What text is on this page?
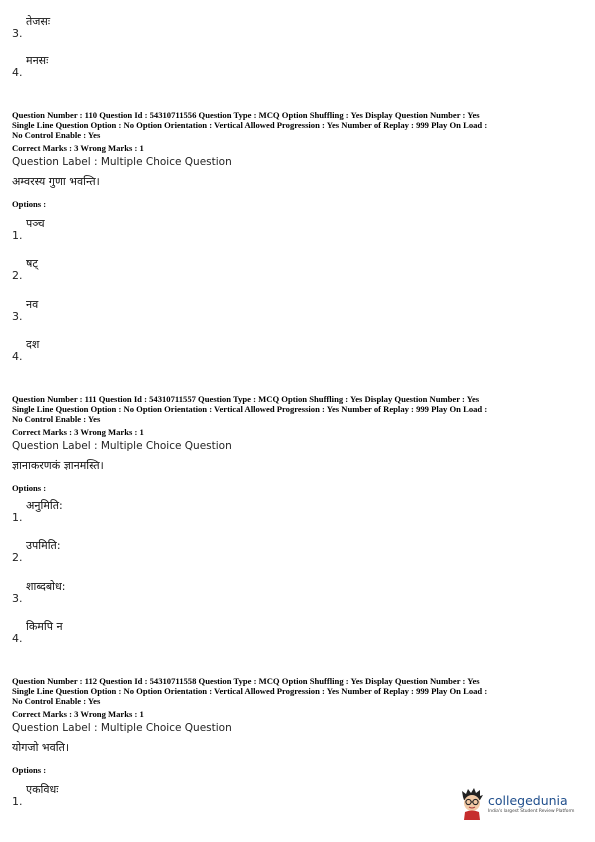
3.
तेजसः
4.
मनसः

Question Number : 110 Question Id : 54310711556 Question Type : MCQ Option Shuffling : Yes Display Question Number : Yes
Single Line Question Option : No Option Orientation : Vertical Allowed Progression : Yes Number of Replay : 999 Play On Load :
No Control Enable : Yes

Correct Marks : 3 Wrong Marks : 1

Question Label : Multiple Choice Question

अम्वरस्य गुणा भवन्ति।

Options :

1.
पञ्च
2.
षट्
3.
नव
4.
दश

Question Number : 111 Question Id : 54310711557 Question Type : MCQ Option Shuffling : Yes Display Question Number : Yes
Single Line Question Option : No Option Orientation : Vertical Allowed Progression : Yes Number of Replay : 999 Play On Load :
No Control Enable : Yes

Correct Marks : 3 Wrong Marks : 1

Question Label : Multiple Choice Question

ज्ञानाकरणकं ज्ञानमस्ति।

Options :

1.
अनुमिति:
2.
उपमिति:
3.
शाब्दबोध:
4.
किमपि न

Question Number : 112 Question Id : 54310711558 Question Type : MCQ Option Shuffling : Yes Display Question Number : Yes
Single Line Question Option : No Option Orientation : Vertical Allowed Progression : Yes Number of Replay : 999 Play On Load :
No Control Enable : Yes

Correct Marks : 3 Wrong Marks : 1

Question Label : Multiple Choice Question

योगजो भवति।

Options :

1.
एकविधः
collegedunia
India's largest Student Review Platform
